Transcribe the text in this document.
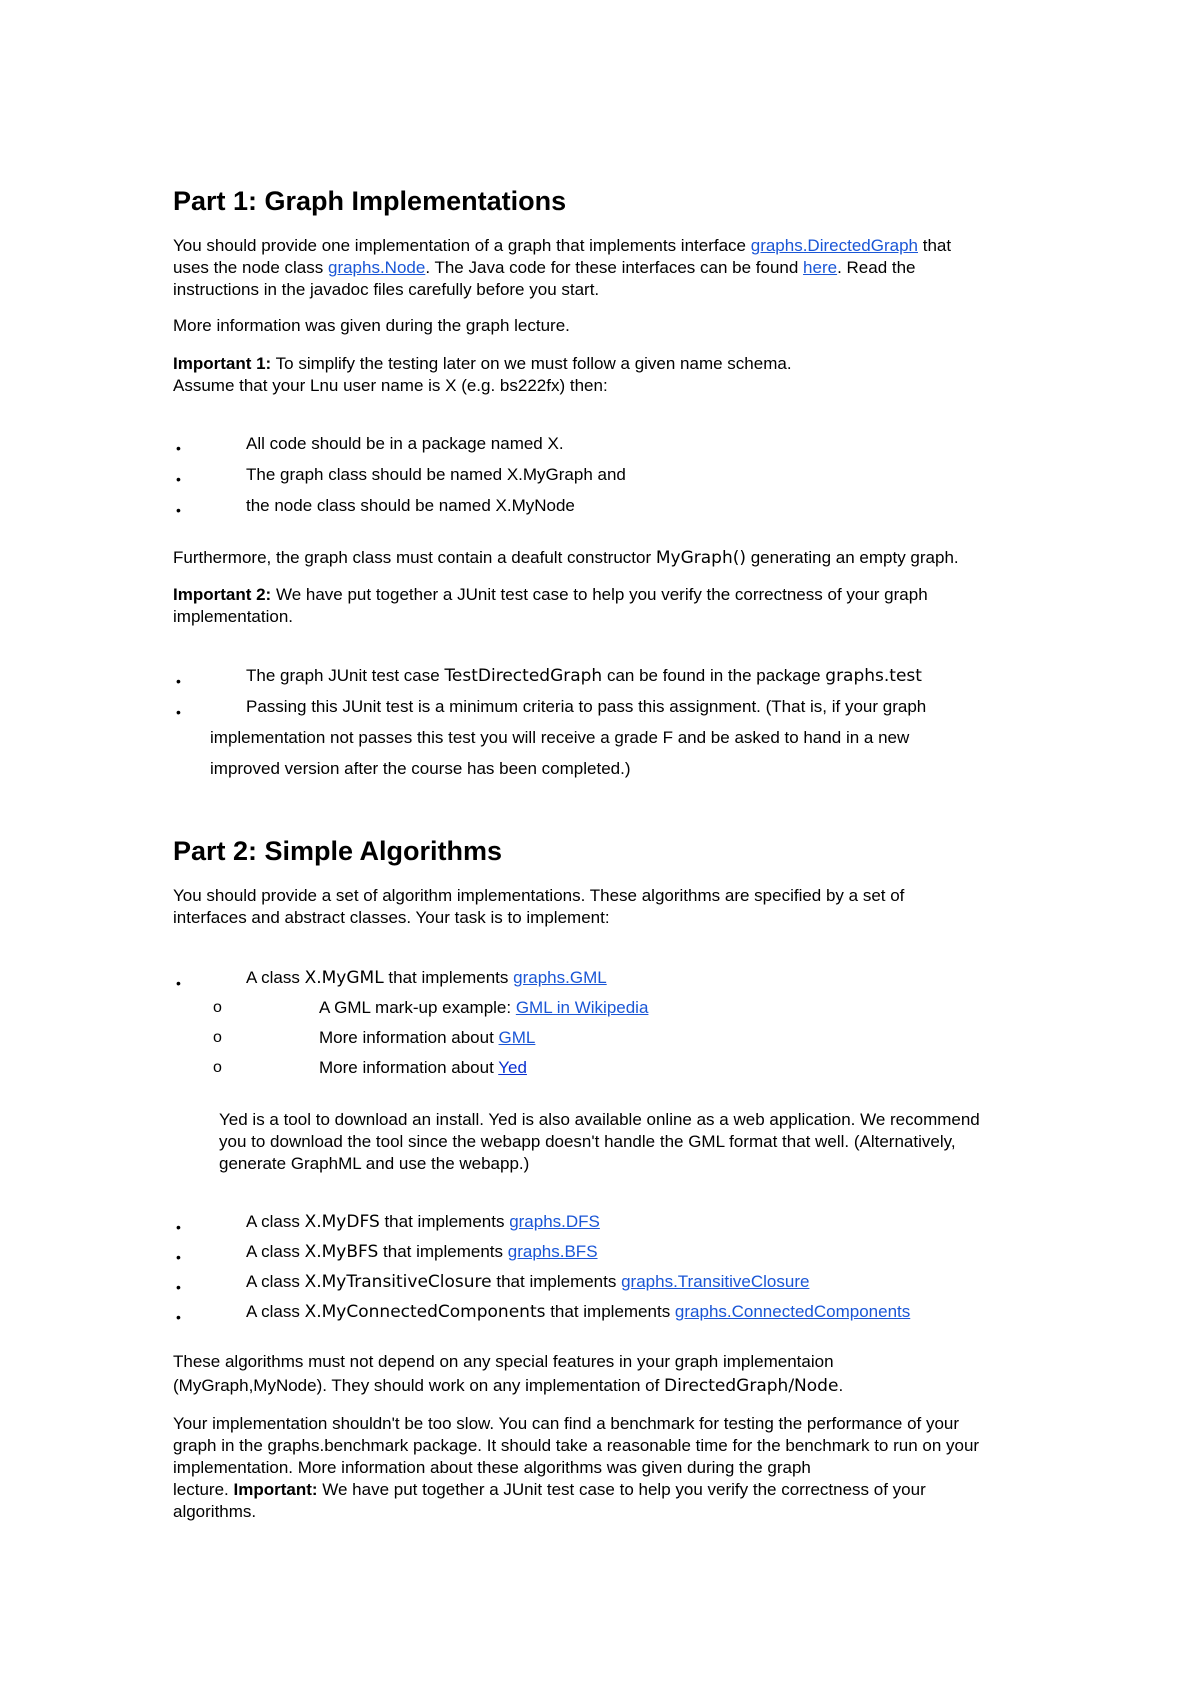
Part 1: Graph Implementations
You should provide one implementation of a graph that implements interface graphs.DirectedGraph that
uses the node class graphs.Node. The Java code for these interfaces can be found here. Read the
instructions in the javadoc files carefully before you start.
More information was given during the graph lecture.
Important 1: To simplify the testing later on we must follow a given name schema.
Assume that your Lnu user name is X (e.g. bs222fx) then:
•	All code should be in a package named X.
•	The graph class should be named X.MyGraph and
•	the node class should be named X.MyNode
Furthermore, the graph class must contain a deafult constructor MyGraph() generating an empty graph.
Important 2: We have put together a JUnit test case to help you verify the correctness of your graph
implementation.
•	The graph JUnit test case TestDirectedGraph can be found in the package graphs.test
•	Passing this JUnit test is a minimum criteria to pass this assignment. (That is, if your graph
implementation not passes this test you will receive a grade F and be asked to hand in a new
improved version after the course has been completed.)
Part 2: Simple Algorithms
You should provide a set of algorithm implementations. These algorithms are specified by a set of
interfaces and abstract classes. Your task is to implement:
•	A class X.MyGML that implements graphs.GML
o	A GML mark-up example: GML in Wikipedia
o	More information about GML
o	More information about Yed
Yed is a tool to download an install. Yed is also available online as a web application. We recommend
you to download the tool since the webapp doesn't handle the GML format that well. (Alternatively,
generate GraphML and use the webapp.)
•	A class X.MyDFS that implements graphs.DFS
•	A class X.MyBFS that implements graphs.BFS
•	A class X.MyTransitiveClosure that implements graphs.TransitiveClosure
•	A class X.MyConnectedComponents that implements graphs.ConnectedComponents
These algorithms must not depend on any special features in your graph implementaion
(MyGraph,MyNode). They should work on any implementation of DirectedGraph/Node.
Your implementation shouldn't be too slow. You can find a benchmark for testing the performance of your
graph in the graphs.benchmark package. It should take a reasonable time for the benchmark to run on your
implementation. More information about these algorithms was given during the graph
lecture. Important: We have put together a JUnit test case to help you verify the correctness of your
algorithms.
